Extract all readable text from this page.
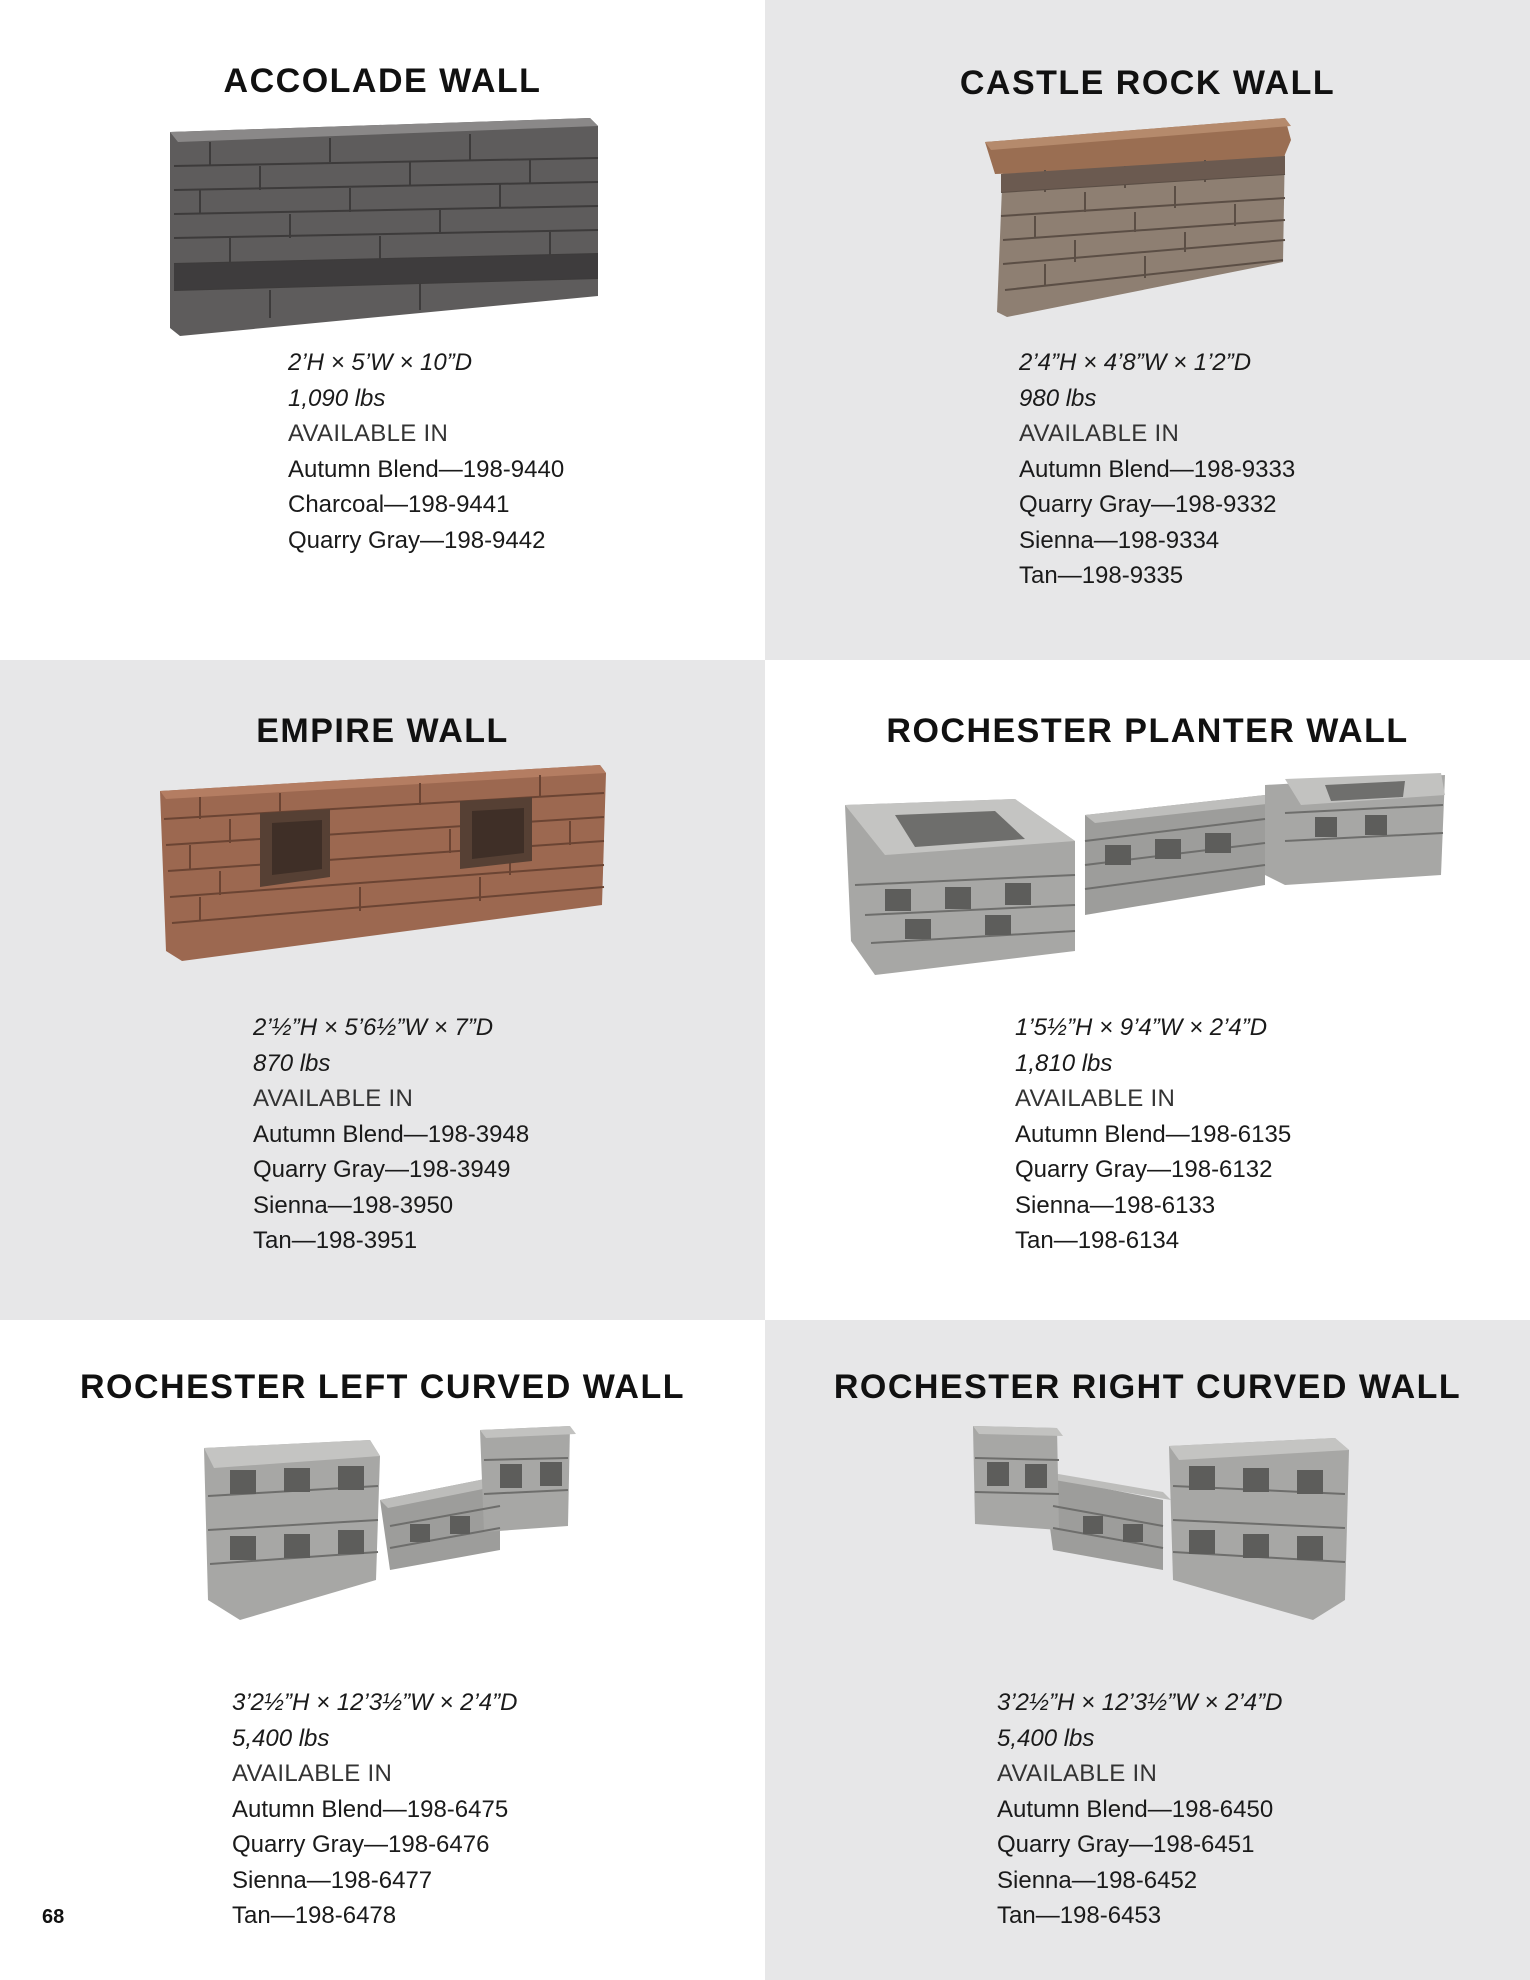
ACCOLADE WALL
2’H × 5’W × 10”D
1,090 lbs
AVAILABLE IN
Autumn Blend—198-9440
Charcoal—198-9441
Quarry Gray—198-9442
CASTLE ROCK WALL
2’4”H × 4’8”W × 1’2”D
980 lbs
AVAILABLE IN
Autumn Blend—198-9333
Quarry Gray—198-9332
Sienna—198-9334
Tan—198-9335
EMPIRE WALL
2’½”H × 5’6½”W × 7”D
870 lbs
AVAILABLE IN
Autumn Blend—198-3948
Quarry Gray—198-3949
Sienna—198-3950
Tan—198-3951
ROCHESTER PLANTER WALL
1’5½”H × 9’4”W × 2’4”D
1,810 lbs
AVAILABLE IN
Autumn Blend—198-6135
Quarry Gray—198-6132
Sienna—198-6133
Tan—198-6134
ROCHESTER LEFT CURVED WALL
3’2½”H × 12’3½”W × 2’4”D
5,400 lbs
AVAILABLE IN
Autumn Blend—198-6475
Quarry Gray—198-6476
Sienna—198-6477
Tan—198-6478
ROCHESTER RIGHT CURVED WALL
3’2½”H × 12’3½”W × 2’4”D
5,400 lbs
AVAILABLE IN
Autumn Blend—198-6450
Quarry Gray—198-6451
Sienna—198-6452
Tan—198-6453
68
